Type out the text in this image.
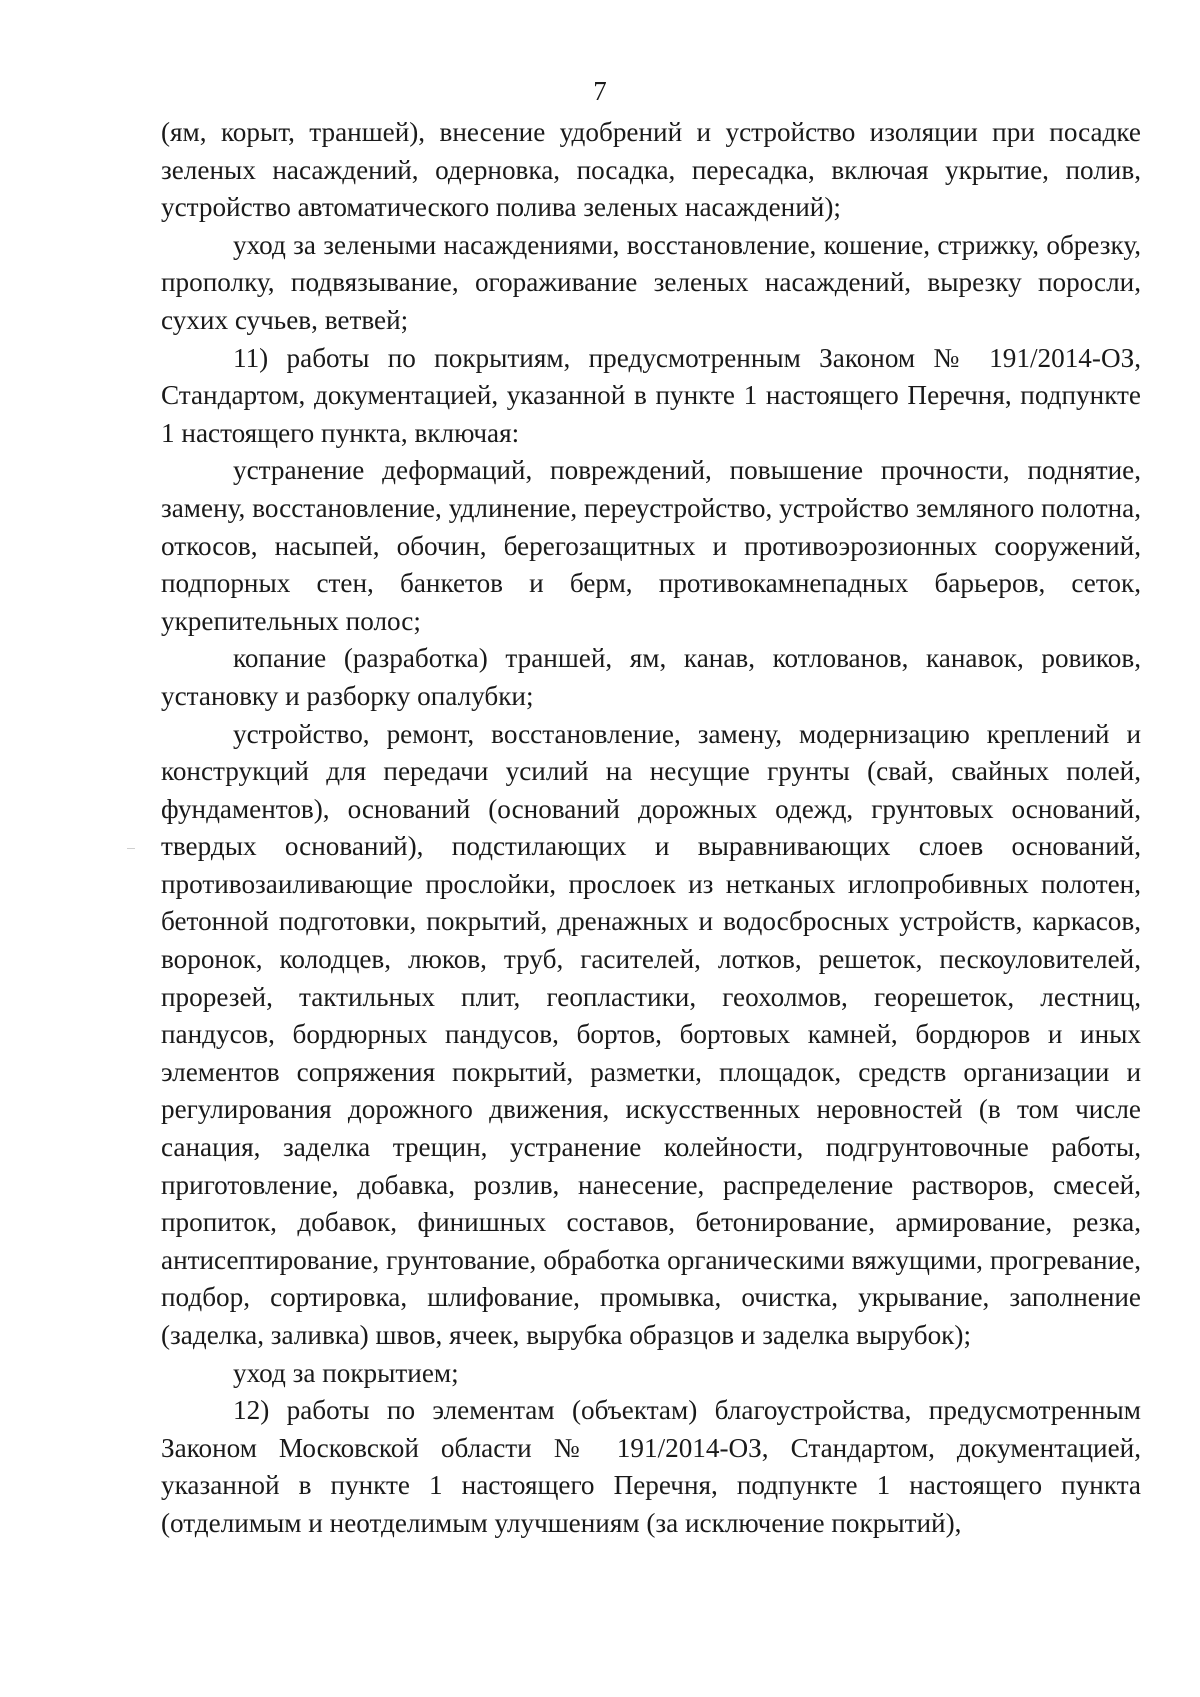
7

(ям, корыт, траншей), внесение удобрений и устройство изоляции при посадке зеленых насаждений, одерновка, посадка, пересадка, включая укрытие, полив, устройство автоматического полива зеленых насаждений);

уход за зелеными насаждениями, восстановление, кошение, стрижку, обрезку, прополку, подвязывание, огораживание зеленых насаждений, вырезку поросли, сухих сучьев, ветвей;

11) работы по покрытиям, предусмотренным Законом № 191/2014-ОЗ, Стандартом, документацией, указанной в пункте 1 настоящего Перечня, подпункте 1 настоящего пункта, включая:

устранение деформаций, повреждений, повышение прочности, поднятие, замену, восстановление, удлинение, переустройство, устройство земляного полотна, откосов, насыпей, обочин, берегозащитных и противоэрозионных сооружений, подпорных стен, банкетов и берм, противокамнепадных барьеров, сеток, укрепительных полос;

копание (разработка) траншей, ям, канав, котлованов, канавок, ровиков, установку и разборку опалубки;

устройство, ремонт, восстановление, замену, модернизацию креплений и конструкций для передачи усилий на несущие грунты (свай, свайных полей, фундаментов), оснований (оснований дорожных одежд, грунтовых оснований, твердых оснований), подстилающих и выравнивающих слоев оснований, противозаиливающие прослойки, прослоек из нетканых иглопробивных полотен, бетонной подготовки, покрытий, дренажных и водосбросных устройств, каркасов, воронок, колодцев, люков, труб, гасителей, лотков, решеток, пескоуловителей, прорезей, тактильных плит, геопластики, геохолмов, георешеток, лестниц, пандусов, бордюрных пандусов, бортов, бортовых камней, бордюров и иных элементов сопряжения покрытий, разметки, площадок, средств организации и регулирования дорожного движения, искусственных неровностей (в том числе санация, заделка трещин, устранение колейности, подгрунтовочные работы, приготовление, добавка, розлив, нанесение, распределение растворов, смесей, пропиток, добавок, финишных составов, бетонирование, армирование, резка, антисептирование, грунтование, обработка органическими вяжущими, прогревание, подбор, сортировка, шлифование, промывка, очистка, укрывание, заполнение (заделка, заливка) швов, ячеек, вырубка образцов и заделка вырубок);

уход за покрытием;

12) работы по элементам (объектам) благоустройства, предусмотренным Законом Московской области № 191/2014-ОЗ, Стандартом, документацией, указанной в пункте 1 настоящего Перечня, подпункте 1 настоящего пункта (отделимым и неотделимым улучшениям (за исключение покрытий),
